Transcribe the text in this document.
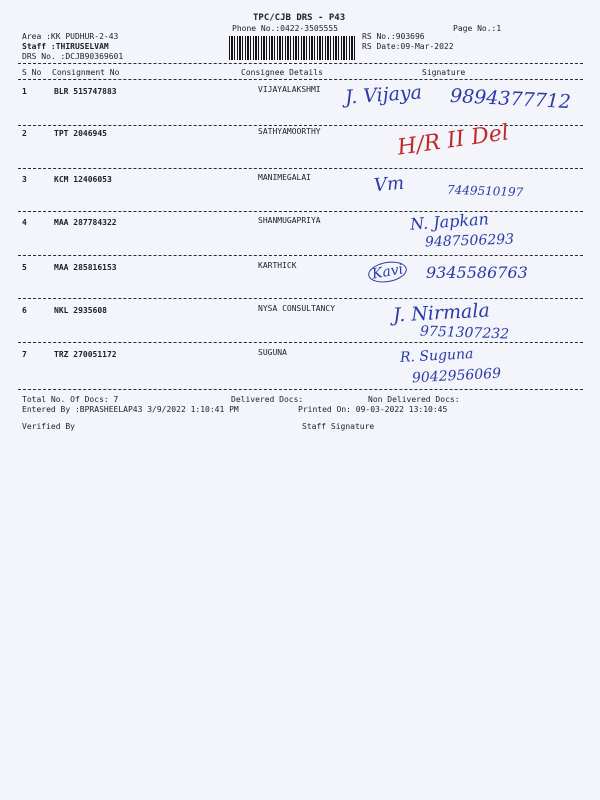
TPC/CJB DRS - P43
Phone No.:0422-3505555	Page No.:1
Area :KK PUDHUR-2-43
Staff :THIRUSELVAM
DRS No. :DCJB90369601
RS No.:903696
RS Date:09-Mar-2022
S No Consignment No	Consignee Details	Signature
1	BLR 515747883	VIJAYALAKSHMI J. Vijaya 9894377712
2	TPT 2046945	SATHYAMOORTHY	H/R II Del
3	KCM 12406053	MANIMEGALAI	Vm	7449510197
4	MAA 287784322	SHANMUGAPRIYA	N. Japkan
9487506293
5	MAA 285816153	KARTHICK	Kavi 9345586763
6	NKL 2935608	NYSA CONSULTANCY	J. Nirmala
9751307232
7	TRZ 270051172	SUGUNA	R. Suguna
9042956069
Total No. Of Docs: 7	Delivered Docs:	Non Delivered Docs:
Entered By :BPRASHEELAP43 3/9/2022 1:10:41 PM	Printed On: 09-03-2022 13:10:45
Verified By	Staff Signature
